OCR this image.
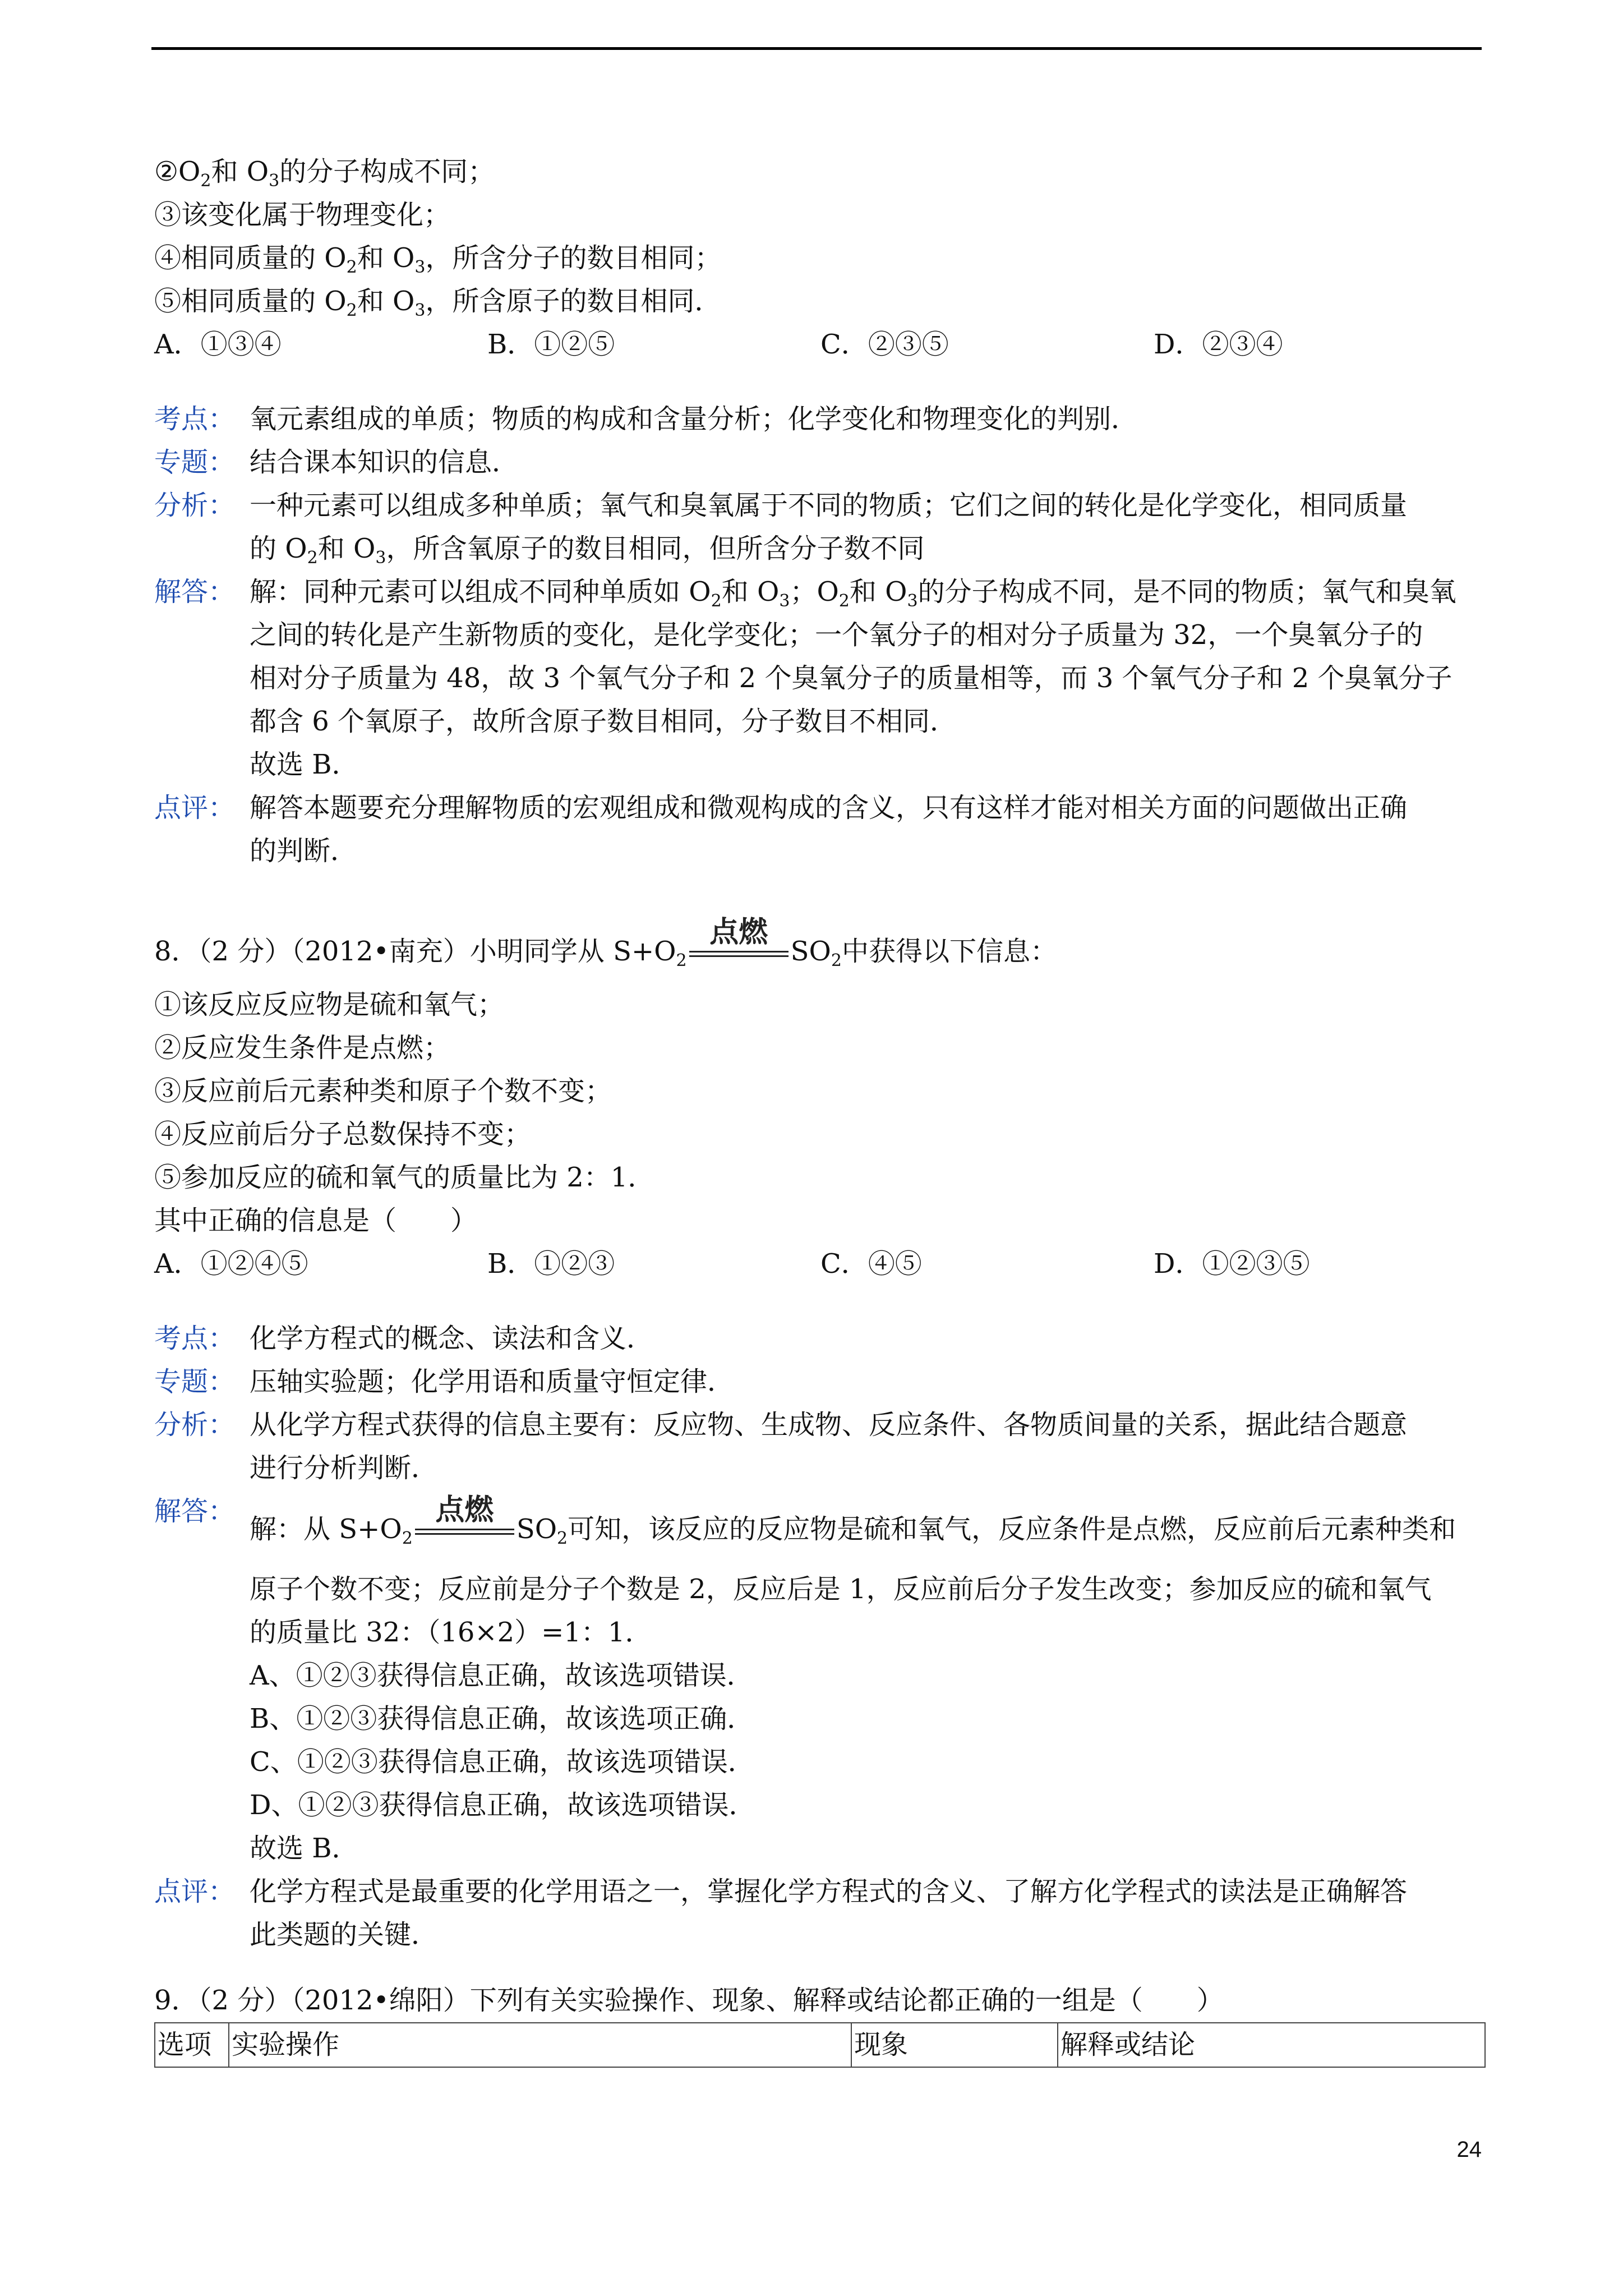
$②O_2$和 $O_3$的分子构成不同；
③该变化属于物理变化；
④相同质量的 $O_2$和 $O_3$，所含分子的数目相同；
⑤相同质量的 $O_2$和 $O_3$，所含原子的数目相同．
A．①③④	B．①②⑤	C．②③⑤	D．②③④
考点： 氧元素组成的单质；物质的构成和含量分析；化学变化和物理变化的判别．
专题： 结合课本知识的信息．
分析： 一种元素可以组成多种单质；氧气和臭氧属于不同的物质；它们之间的转化是化学变化，相同质量
的 $O_2$和 $O_3$，所含氧原子的数目相同，但所含分子数不同
解答： 解：同种元素可以组成不同种单质如 $O_2$和 $O_3$；$O_2$和 $O_3$的分子构成不同，是不同的物质；氧气和臭氧
之间的转化是产生新物质的变化，是化学变化；一个氧分子的相对分子质量为 32，一个臭氧分子的
相对分子质量为 48，故 3 个氧气分子和 2 个臭氧分子的质量相等，而 3 个氧气分子和 2 个臭氧分子
都含 6 个氧原子，故所含原子数目相同，分子数目不相同．
故选 B．
点评： 解答本题要充分理解物质的宏观组成和微观构成的含义，只有这样才能对相关方面的问题做出正确
的判断．
8．（2 分）（2012•南充）小明同学从 $S+O_2$
点燃
$SO_2$中获得以下信息：
①该反应反应物是硫和氧气；
②反应发生条件是点燃；
③反应前后元素种类和原子个数不变；
④反应前后分子总数保持不变；
⑤参加反应的硫和氧气的质量比为 2：1．
其中正确的信息是（　　）
A．①②④⑤	B．①②③	C．④⑤	D．①②③⑤
考点： 化学方程式的概念、读法和含义．
专题： 压轴实验题；化学用语和质量守恒定律．
分析： 从化学方程式获得的信息主要有：反应物、生成物、反应条件、各物质间量的关系，据此结合题意
进行分析判断．
解答：
解：从 $S+O_2$
点燃
$SO_2$可知，该反应的反应物是硫和氧气，反应条件是点燃，反应前后元素种类和
原子个数不变；反应前是分子个数是 2，反应后是 1，反应前后分子发生改变；参加反应的硫和氧气
的质量比 32：（16×2）=1：1．
A、①②③获得信息正确，故该选项错误．
B、①②③获得信息正确，故该选项正确．
C、①②③获得信息正确，故该选项错误．
D、①②③获得信息正确，故该选项错误．
故选 B．
点评： 化学方程式是最重要的化学用语之一，掌握化学方程式的含义、了解方化学程式的读法是正确解答
此类题的关键．
9．（2 分）（2012•绵阳）下列有关实验操作、现象、解释或结论都正确的一组是（　　）
选项	实验操作	现象	解释或结论
24
